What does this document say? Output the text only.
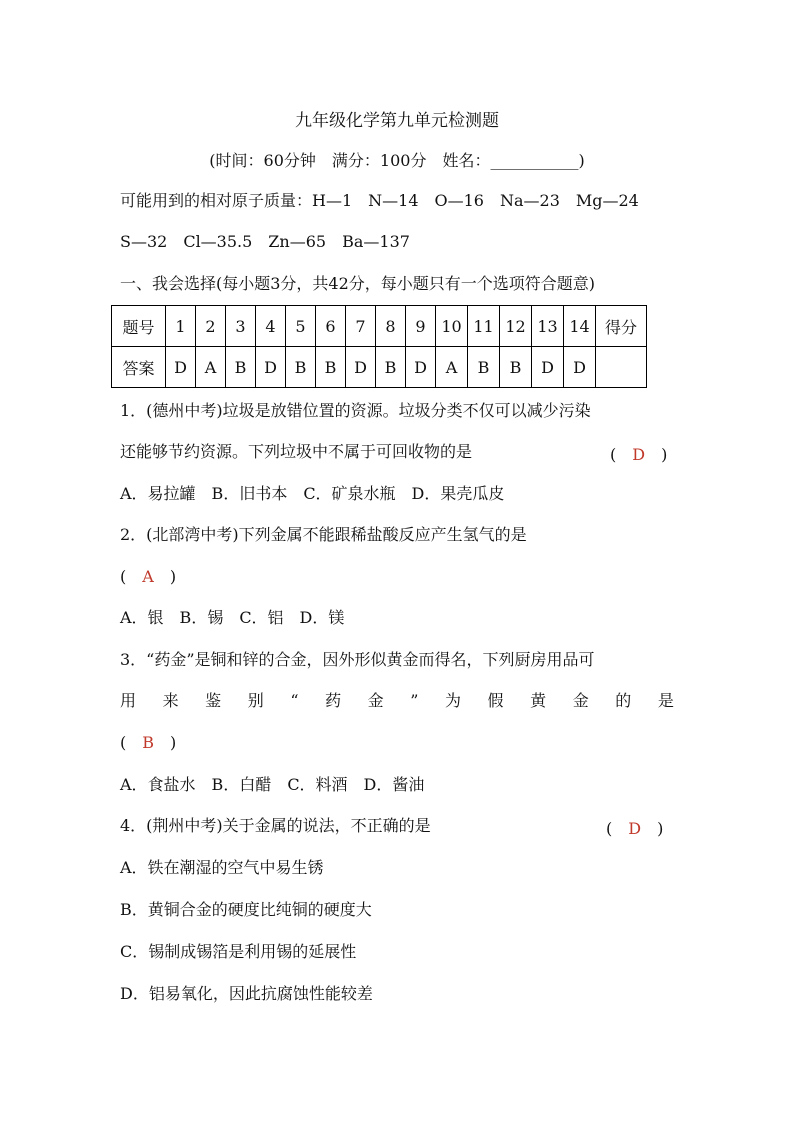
九年级化学第九单元检测题
(时间：60分钟　满分：100分　姓名：___________)
可能用到的相对原子质量：H—1　N—14　O—16　Na—23　Mg—24
S—32　Cl—35.5　Zn—65　Ba—137
一、我会选择(每小题3分，共42分，每小题只有一个选项符合题意)
题号	1	2	3	4	5	6	7	8	9	10	11	12	13	14	得分
答案	D	A	B	D	B	B	D	B	D	A	B	B	D	D	
1．(德州中考)垃圾是放错位置的资源。垃圾分类不仅可以减少污染
还能够节约资源。下列垃圾中不属于可回收物的是	(　D　)
A．易拉罐　B．旧书本　C．矿泉水瓶　D．果壳瓜皮
2．(北部湾中考)下列金属不能跟稀盐酸反应产生氢气的是
(　A　)
A．银　B．锡　C．铝　D．镁
3．“药金”是铜和锌的合金，因外形似黄金而得名，下列厨房用品可
用 来 鉴 别 “ 药 金 ” 为 假 黄 金 的 是
(　B　)
A．食盐水　B．白醋　C．料酒　D．酱油
4．(荆州中考)关于金属的说法，不正确的是	(　D　)
A．铁在潮湿的空气中易生锈
B．黄铜合金的硬度比纯铜的硬度大
C．锡制成锡箔是利用锡的延展性
D．铝易氧化，因此抗腐蚀性能较差
